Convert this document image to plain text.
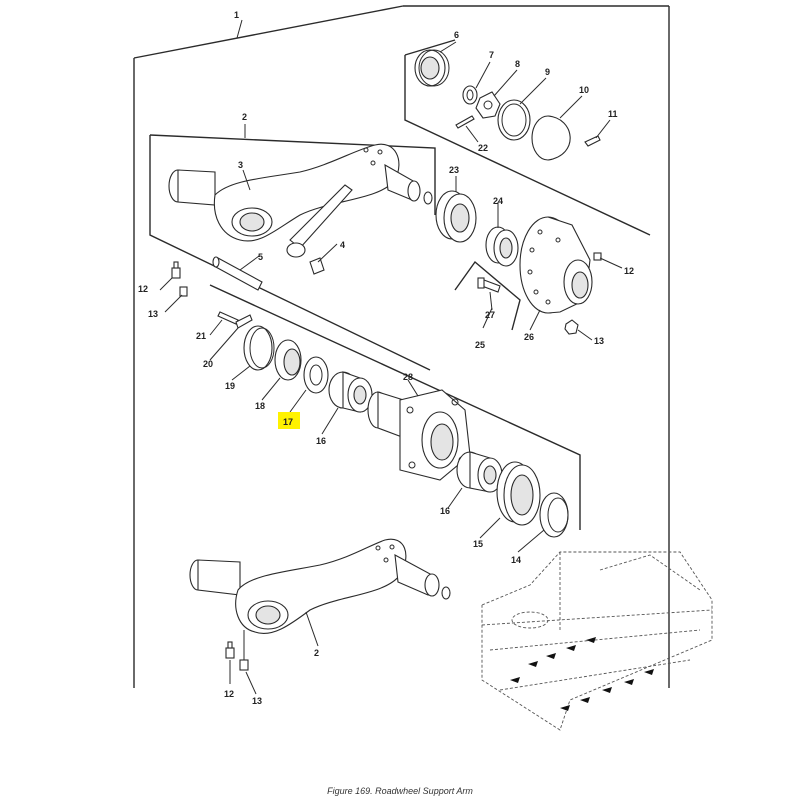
1
2
3
4
5
6
7
8
9
10
11
12
12
12
13
13
13
14
15
16
16
17
18
19
20
21
22
23
24
25
26
27
28
2
Figure 169. Roadwheel Support Arm
